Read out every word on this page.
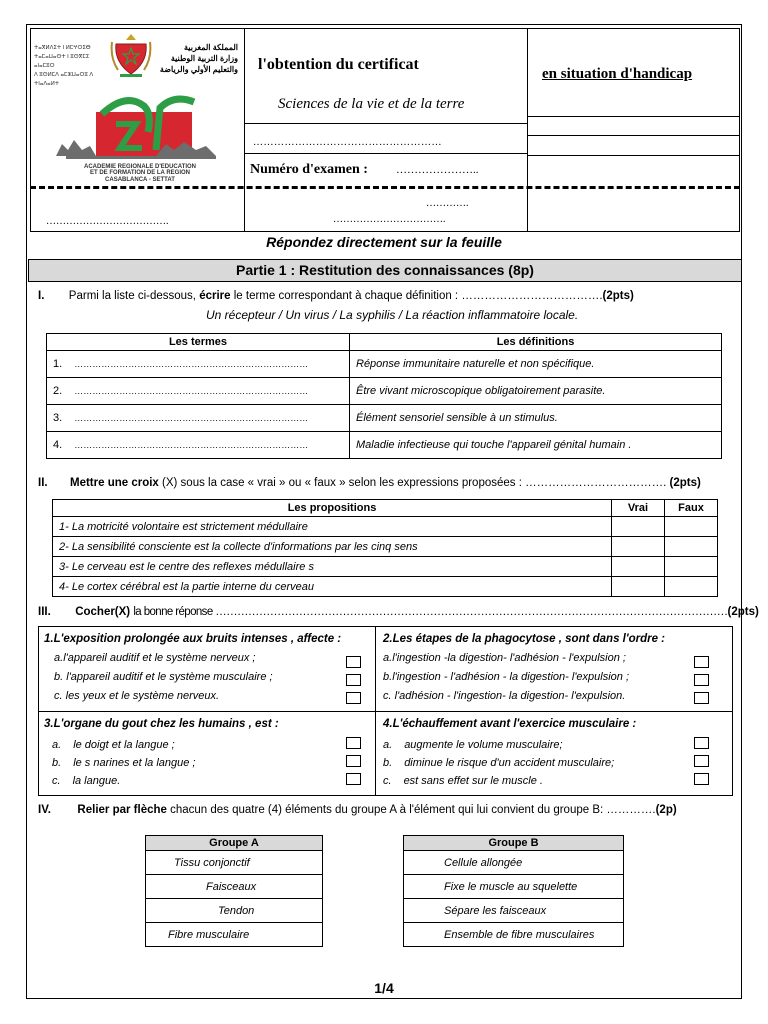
ⵜⴰⴳⵍⴷⵉⵜ ⵏ ⵍⵎⵖⵔⵉⴱ
ⵜⴰⵎⴰⵡⴰⵙⵜ ⵏ ⵓⵙⴳⵎⵉ ⴰⵏⴰⵎⵓⵔ
ⴷ ⵓⵙⵍⵎⴷ ⴰⵎⵣⵡⴰⵔⵓ ⴷ ⵜⵏⴰⴷⴰⵍⵜ
المملكة المغربية
وزارة التربية الوطنية
والتعليم الأولي والرياضة
ACADEMIE REGIONALE D'EDUCATION
ET DE FORMATION DE LA REGION
CASABLANCA - SETTAT
l'obtention du certificat
Sciences de la vie et de la terre
en situation d'handicap
………………………………………………
Numéro d'examen :	…………………..
……………………………….
………….
…………………………….
Répondez directement sur la feuille
Partie 1 : Restitution des connaissances (8p)
I. Parmi la liste ci-dessous, écrire le terme correspondant à chaque définition : ……………………………….(2pts)
Un récepteur / Un virus / La syphilis / La réaction inflammatoire locale.
Les termes	Les définitions
1. ……………………………………………………………………	Réponse immunitaire naturelle et non spécifique.
2. ……………………………………………………………………	Être vivant microscopique obligatoirement parasite.
3. ……………………………………………………………………	Élément sensoriel sensible à un stimulus.
4. ……………………………………………………………………	Maladie infectieuse qui touche l'appareil génital humain .
II. Mettre une croix (X) sous la case « vrai » ou « faux » selon les expressions proposées : ………………………………. (2pts)
Les propositions	Vrai	Faux
1- La motricité volontaire est strictement médullaire		
2- La sensibilité consciente est la collecte d'informations par les cinq sens		
3- Le cerveau est le centre des reflexes médullaire s		
4- Le cortex cérébral est la partie interne du cerveau		
III. Cocher(X) la bonne réponse ……………………………………………………………………………………………………………………………(2pts)
1.L'exposition prolongée aux bruits intenses , affecte :
a.l'appareil auditif et le système nerveux ;
b. l'appareil auditif et le système musculaire ;
c. les yeux et le système nerveux.
2.Les étapes de la phagocytose , sont dans l'ordre :
a.l'ingestion -la digestion- l'adhésion - l'expulsion ;
b.l'ingestion - l'adhésion - la digestion- l'expulsion ;
c. l'adhésion - l'ingestion- la digestion- l'expulsion.
3.L'organe du gout chez les humains , est :
a. le doigt et la langue ;
b. le s narines et la langue ;
c. la langue.
4.L'échauffement avant l'exercice musculaire :
a. augmente le volume musculaire;
b. diminue le risque d'un accident musculaire;
c. est sans effet sur le muscle .
IV. Relier par flèche chacun des quatre (4) éléments du groupe A à l'élément qui lui convient du groupe B: ………….(2p)
Groupe A
Tissu conjonctif
Faisceaux
Tendon
Fibre musculaire
Groupe B
Cellule allongée
Fixe le muscle au squelette
Sépare les faisceaux
Ensemble de fibre musculaires
1/4
